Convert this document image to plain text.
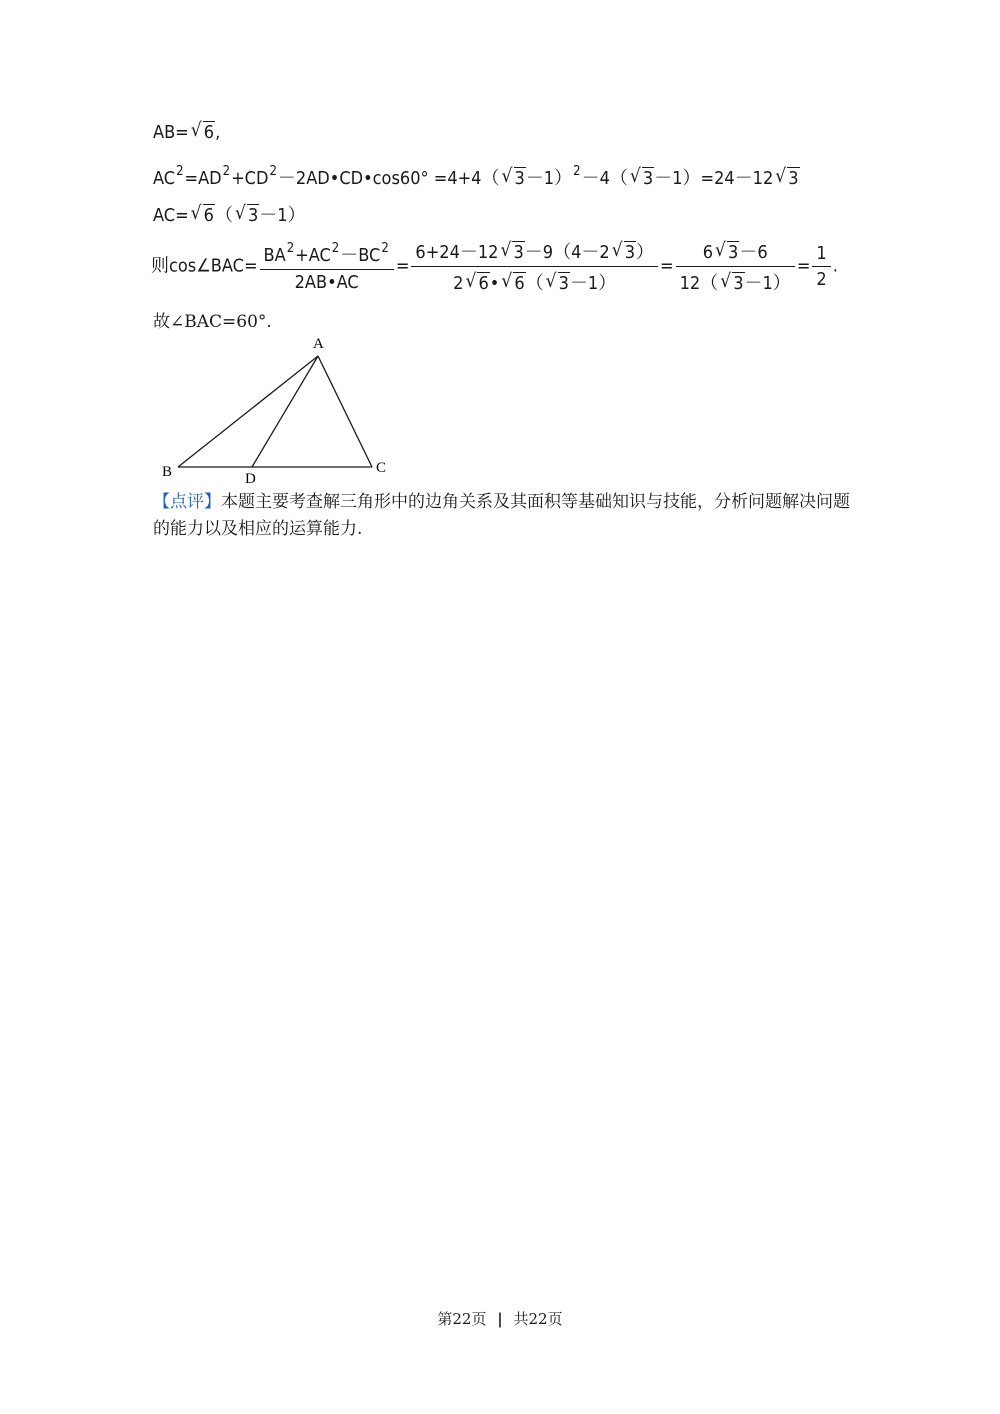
AB= √ 6,
$AC^2=AD^2+CD^2-2AD•CD•\cos 60^\circ =4+4$（ √ 3－1）$^2$－4（ √ 3－1）=24－12 √ 3
AC= √ 6（ √ 3－1）
则cos∠BAC= $\frac{BA^2+AC^2-BC^2}{2AB•AC} = \frac{6+24-12 √ 3-9(4-2 √ 3)}{2 √ 6• √ 6( √ 3-1)} = \frac{6 √ 3-6}{12( √ 3-1)} = \frac{1}{2}$ .
故∠BAC=60°.
A
B	C
D
【点评】本题主要考查解三角形中的边角关系及其面积等基础知识与技能，分析问题解决问题的能力以及相应的运算能力.
第22页 | 共22页
